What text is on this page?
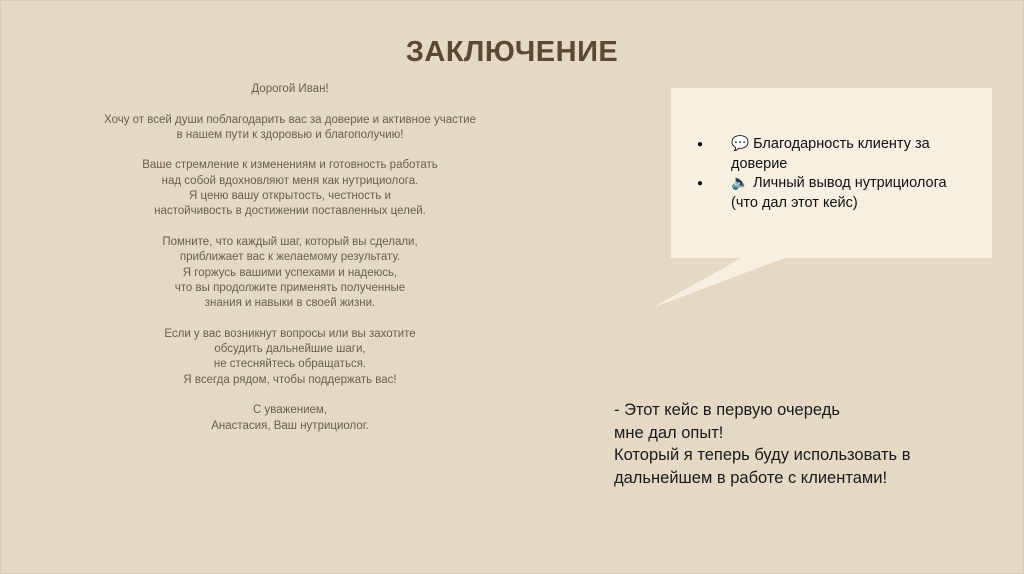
ЗАКЛЮЧЕНИЕ

Дорогой Иван!

Хочу от всей души поблагодарить вас за доверие и активное участие
в нашем пути к здоровью и благополучию!

Ваше стремление к изменениям и готовность работать
над собой вдохновляют меня как нутрициолога.
Я ценю вашу открытость, честность и
настойчивость в достижении поставленных целей.

Помните, что каждый шаг, который вы сделали,
приближает вас к желаемому результату.
Я горжусь вашими успехами и надеюсь,
что вы продолжите применять полученные
знания и навыки в своей жизни.

Если у вас возникнут вопросы или вы захотите
обсудить дальнейшие шаги,
не стесняйтесь обращаться.
Я всегда рядом, чтобы поддержать вас!

С уважением,
Анастасия, Ваш нутрициолог.

● 💬 Благодарность клиенту за
доверие
● 🔈 Личный вывод нутрициолога
(что дал этот кейс)
- Этот кейс в первую очередь
мне дал опыт!
Который я теперь буду использовать в
дальнейшем в работе с клиентами!
